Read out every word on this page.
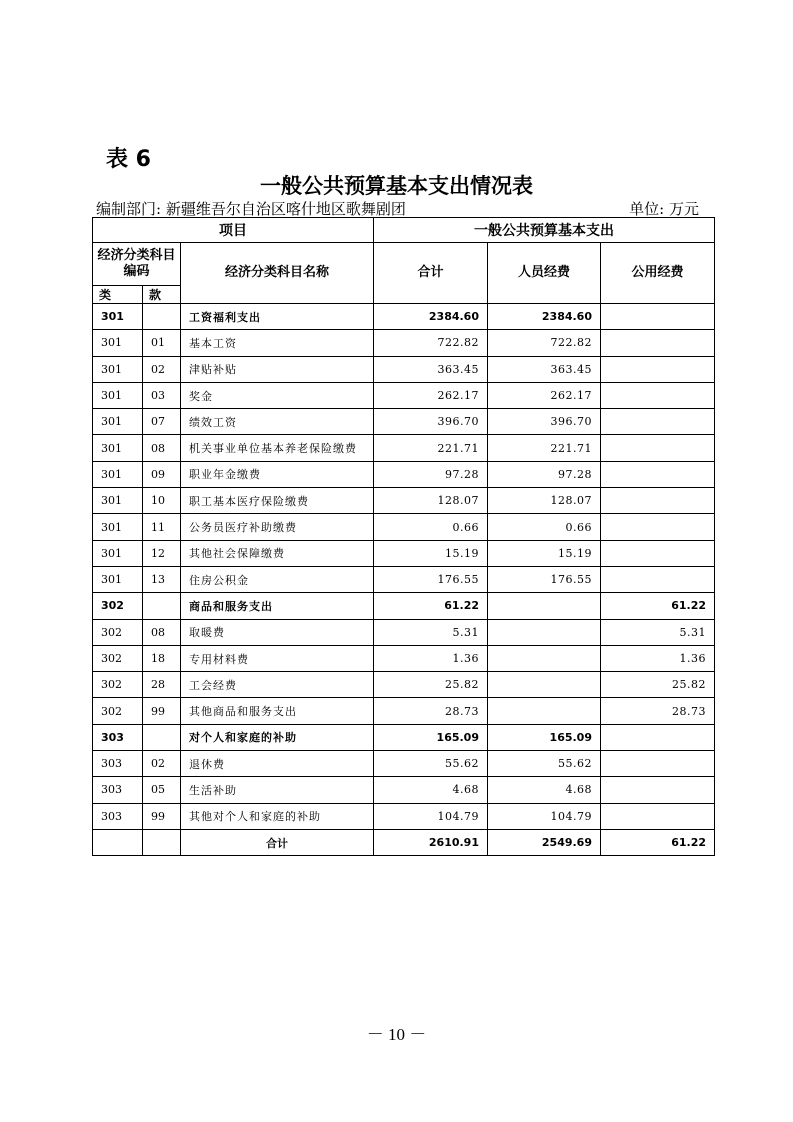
表 6
一般公共预算基本支出情况表
编制部门: 新疆维吾尔自治区喀什地区歌舞剧团	单位: 万元
项目			一般公共预算基本支出		
经济分类科目编码		经济分类科目名称	合计	人员经费	公用经费
类	款				
301		工资福利支出	2384.60	2384.60	
301	01	基本工资	722.82	722.82	
301	02	津贴补贴	363.45	363.45	
301	03	奖金	262.17	262.17	
301	07	绩效工资	396.70	396.70	
301	08	机关事业单位基本养老保险缴费	221.71	221.71	
301	09	职业年金缴费	97.28	97.28	
301	10	职工基本医疗保险缴费	128.07	128.07	
301	11	公务员医疗补助缴费	0.66	0.66	
301	12	其他社会保障缴费	15.19	15.19	
301	13	住房公积金	176.55	176.55	
302		商品和服务支出	61.22		61.22
302	08	取暖费	5.31		5.31
302	18	专用材料费	1.36		1.36
302	28	工会经费	25.82		25.82
302	99	其他商品和服务支出	28.73		28.73
303		对个人和家庭的补助	165.09	165.09	
303	02	退休费	55.62	55.62	
303	05	生活补助	4.68	4.68	
303	99	其他对个人和家庭的补助	104.79	104.79	
		合计	2610.91	2549.69	61.22
－ 10 －
